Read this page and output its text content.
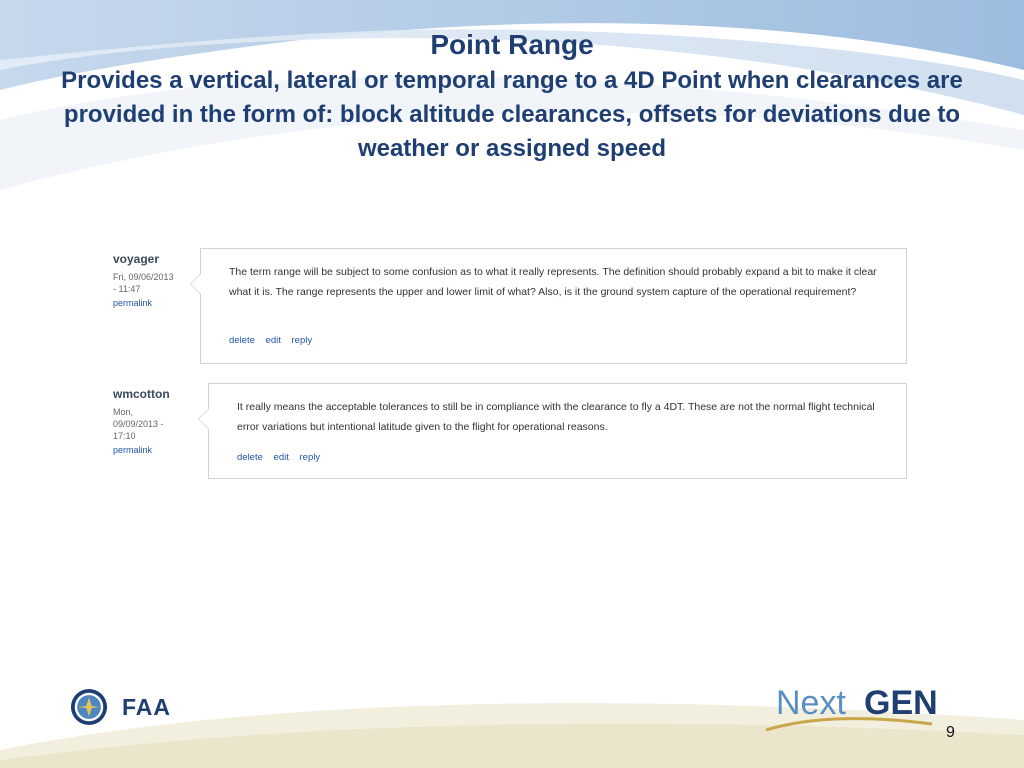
Point Range
Provides a vertical, lateral or temporal range to a 4D Point when clearances are provided in the form of: block altitude clearances, offsets for deviations due to weather or assigned speed
voyager
Fri, 09/06/2013 - 11:47
permalink
The term range will be subject to some confusion as to what it really represents. The definition should probably expand a bit to make it clear what it is. The range represents the upper and lower limit of what? Also, is it the ground system capture of the operational requirement?
delete edit reply
wmcotton
Mon, 09/09/2013 - 17:10
permalink
It really means the acceptable tolerances to still be in compliance with the clearance to fly a 4DT. These are not the normal flight technical error variations but intentional latitude given to the flight for operational reasons.
delete edit reply
FAA	Next GEN
9
